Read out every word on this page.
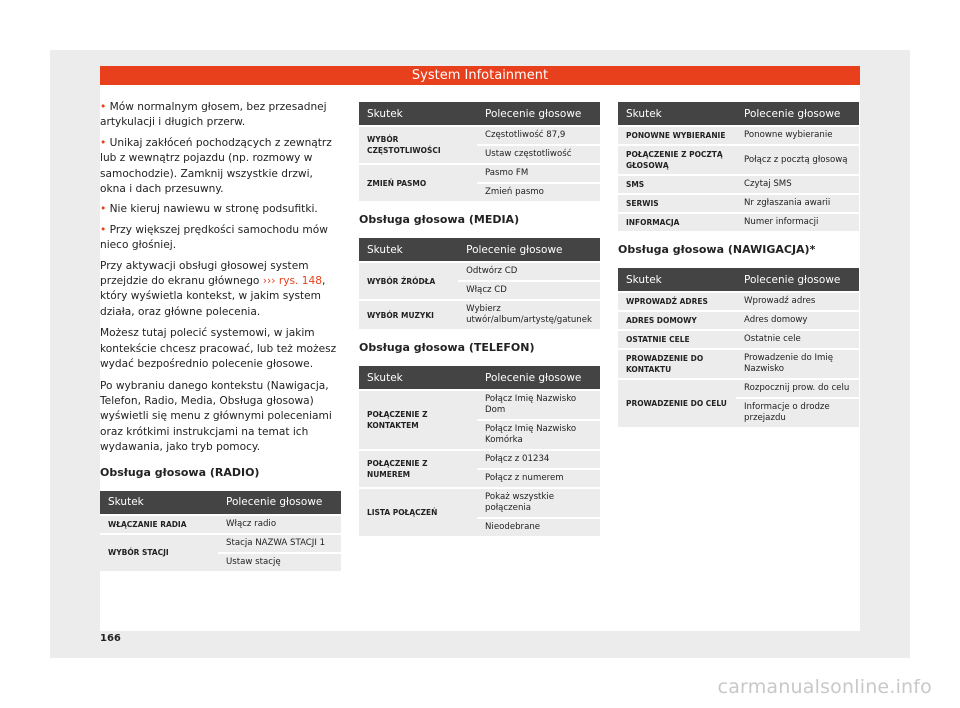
System Infotainment

• Mów normalnym głosem, bez przesadnej artykulacji i długich przerw.

• Unikaj zakłóceń pochodzących z zewnątrz lub z wewnątrz pojazdu (np. rozmowy w samochodzie). Zamknij wszystkie drzwi, okna i dach przesuwny.

• Nie kieruj nawiewu w stronę podsufitki.

• Przy większej prędkości samochodu mów nieco głośniej.

Przy aktywacji obsługi głosowej system przejdzie do ekranu głównego ››› rys. 148, który wyświetla kontekst, w jakim system działa, oraz główne polecenia.

Możesz tutaj polecić systemowi, w jakim kontekście chcesz pracować, lub też możesz wydać bezpośrednio polecenie głosowe.

Po wybraniu danego kontekstu (Nawigacja, Telefon, Radio, Media, Obsługa głosowa) wyświetli się menu z głównymi poleceniami oraz krótkimi instrukcjami na temat ich wydawania, jako tryb pomocy.

Obsługa głosowa (RADIO)
Skutek	Polecenie głosowe
WŁĄCZANIE RADIA	Włącz radio
WYBÓR STACJI	Stacja NAZWA STACJI 1
	Ustaw stację
Skutek	Polecenie głosowe
WYBÓR CZĘSTOTLIWOŚCI	Częstotliwość 87,9
	Ustaw częstotliwość
ZMIEŃ PASMO	Pasmo FM
	Zmień pasmo
Obsługa głosowa (MEDIA)
Skutek	Polecenie głosowe
WYBÓR ŹRÓDŁA	Odtwórz CD
	Włącz CD
WYBÓR MUZYKI	Wybierz utwór/album/artystę/gatunek
Obsługa głosowa (TELEFON)
Skutek	Polecenie głosowe
POŁĄCZENIE Z KONTAKTEM	Połącz Imię Nazwisko Dom
	Połącz Imię Nazwisko Komórka
POŁĄCZENIE Z NUMEREM	Połącz z 01234
	Połącz z numerem
LISTA POŁĄCZEŃ	Pokaż wszystkie połączenia
	Nieodebrane
Skutek	Polecenie głosowe
PONOWNE WYBIERANIE	Ponowne wybieranie
POŁĄCZENIE Z POCZTĄ GŁOSOWĄ	Połącz z pocztą głosową
SMS	Czytaj SMS
SERWIS	Nr zgłaszania awarii
INFORMACJA	Numer informacji
Obsługa głosowa (NAWIGACJA)*
Skutek	Polecenie głosowe
WPROWADŹ ADRES	Wprowadź adres
ADRES DOMOWY	Adres domowy
OSTATNIE CELE	Ostatnie cele
PROWADZENIE DO KONTAKTU	Prowadzenie do Imię Nazwisko
PROWADZENIE DO CELU	Rozpocznij prow. do celu
	Informacje o drodze przejazdu
166
carmanualsonline.info
